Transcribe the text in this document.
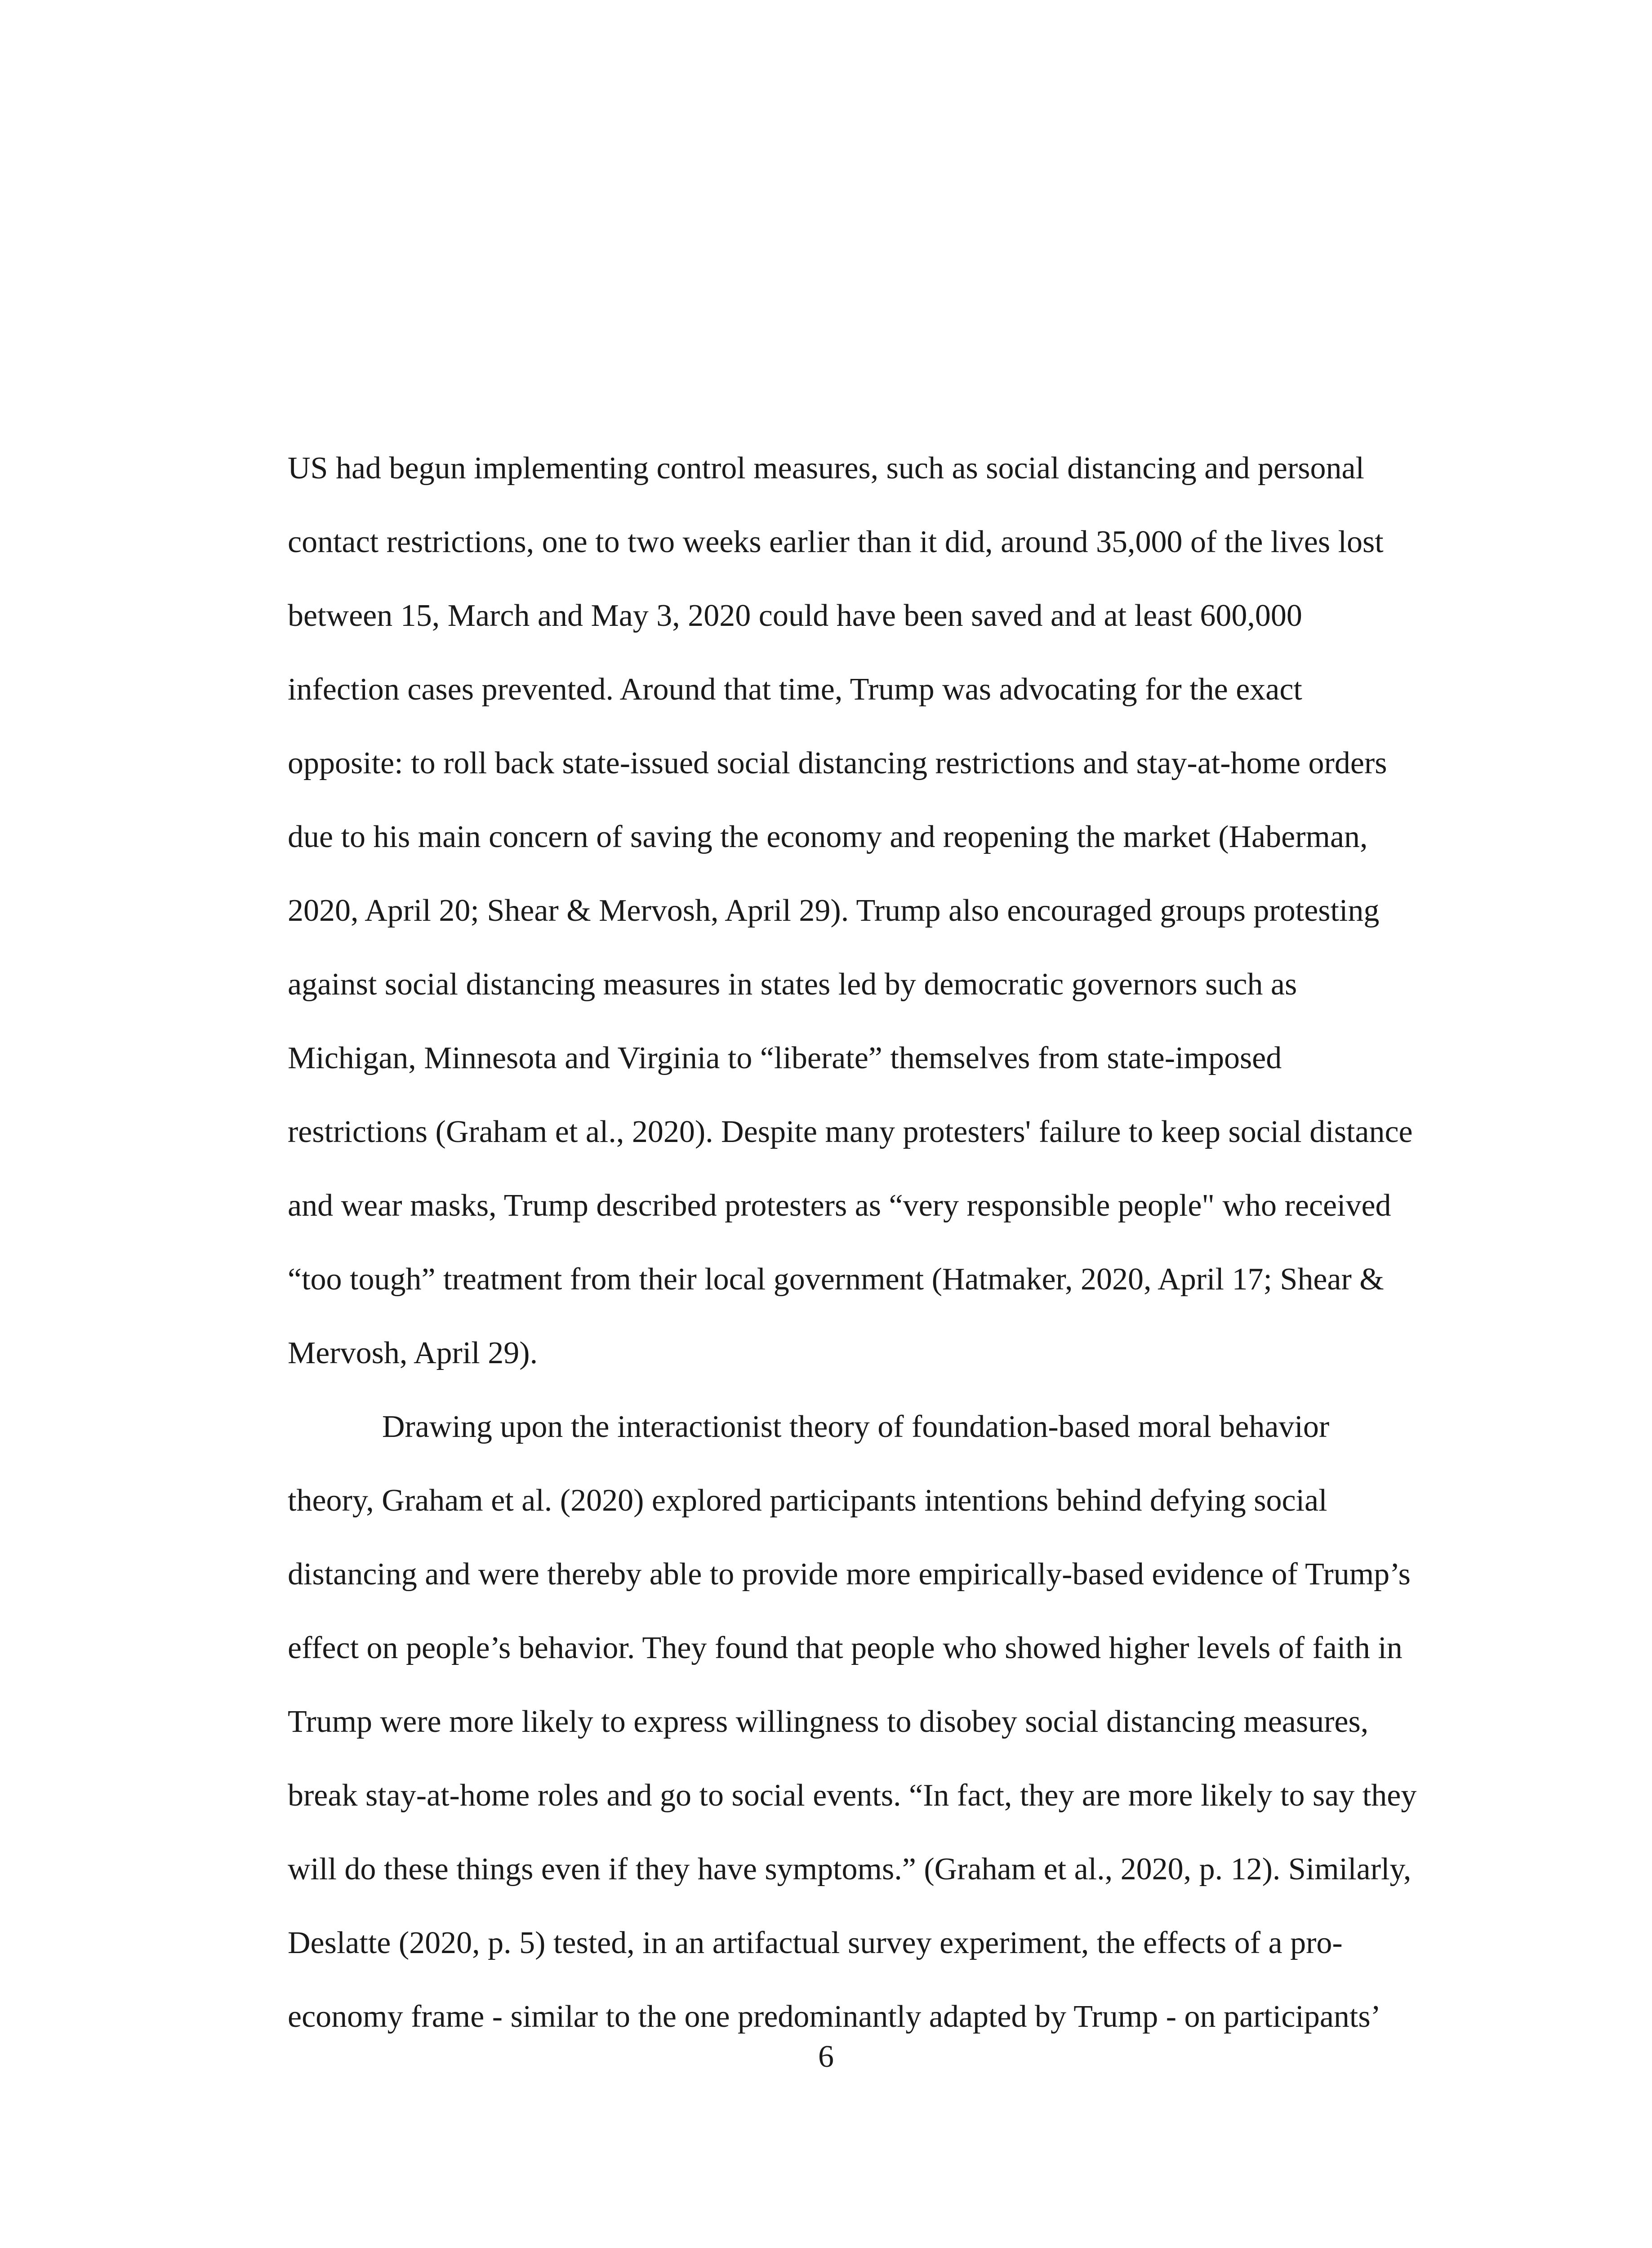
US had begun implementing control measures, such as social distancing and personal
contact restrictions, one to two weeks earlier than it did, around 35,000 of the lives lost
between 15, March and May 3, 2020 could have been saved and at least 600,000
infection cases prevented. Around that time, Trump was advocating for the exact
opposite: to roll back state-issued social distancing restrictions and stay-at-home orders
due to his main concern of saving the economy and reopening the market (Haberman,
2020, April 20; Shear & Mervosh, April 29). Trump also encouraged groups protesting
against social distancing measures in states led by democratic governors such as
Michigan, Minnesota and Virginia to “liberate” themselves from state-imposed
restrictions (Graham et al., 2020). Despite many protesters' failure to keep social distance
and wear masks, Trump described protesters as “very responsible people" who received
“too tough” treatment from their local government (Hatmaker, 2020, April 17; Shear &
Mervosh, April 29).
Drawing upon the interactionist theory of foundation-based moral behavior
theory, Graham et al. (2020) explored participants intentions behind defying social
distancing and were thereby able to provide more empirically-based evidence of Trump’s
effect on people’s behavior. They found that people who showed higher levels of faith in
Trump were more likely to express willingness to disobey social distancing measures,
break stay-at-home roles and go to social events. “In fact, they are more likely to say they
will do these things even if they have symptoms.” (Graham et al., 2020, p. 12). Similarly,
Deslatte (2020, p. 5) tested, in an artifactual survey experiment, the effects of a pro-
economy frame - similar to the one predominantly adapted by Trump - on participants’
6
